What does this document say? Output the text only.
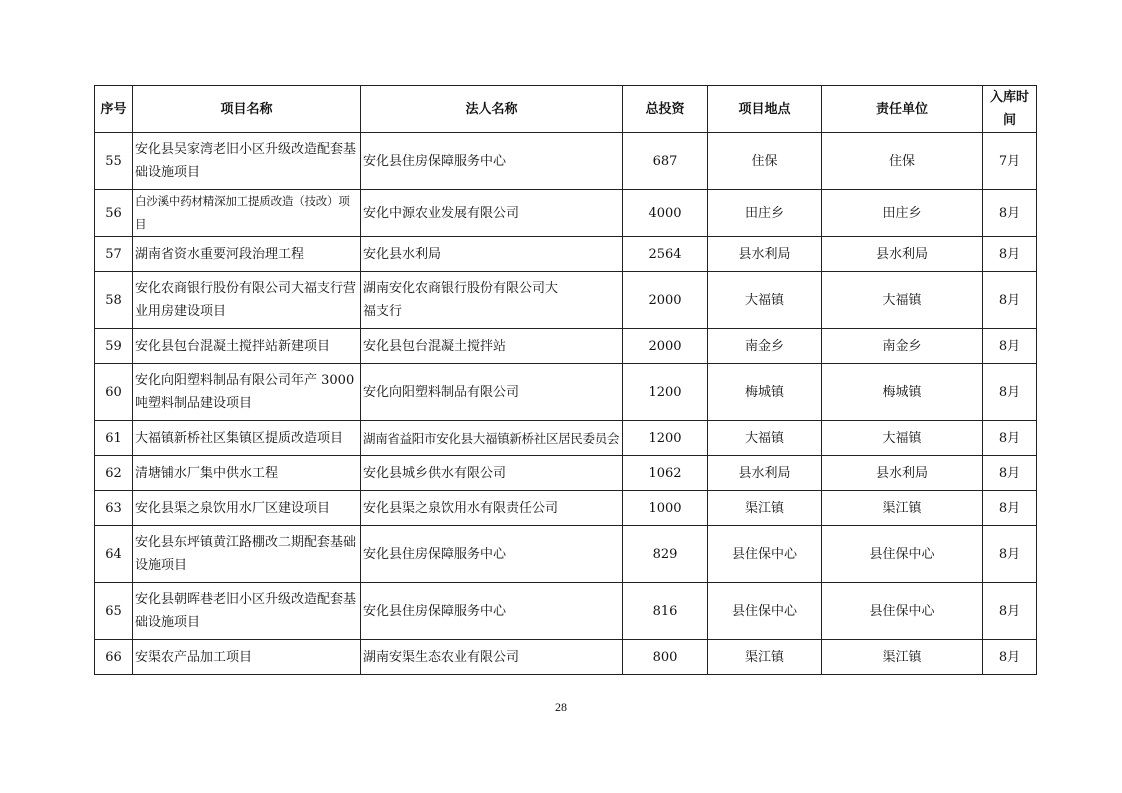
序号	项目名称	法人名称	总投资	项目地点	责任单位	入库时间
55	安化县吴家湾老旧小区升级改造配套基础设施项目	安化县住房保障服务中心	687	住保	住保	7月
56	白沙溪中药材精深加工提质改造（技改）项目	安化中源农业发展有限公司	4000	田庄乡	田庄乡	8月
57	湖南省资水重要河段治理工程	安化县水利局	2564	县水利局	县水利局	8月
58	安化农商银行股份有限公司大福支行营业用房建设项目	湖南安化农商银行股份有限公司大福支行	2000	大福镇	大福镇	8月
59	安化县包台混凝土搅拌站新建项目	安化县包台混凝土搅拌站	2000	南金乡	南金乡	8月
60	安化向阳塑料制品有限公司年产 3000 吨塑料制品建设项目	安化向阳塑料制品有限公司	1200	梅城镇	梅城镇	8月
61	大福镇新桥社区集镇区提质改造项目	湖南省益阳市安化县大福镇新桥社区居民委员会	1200	大福镇	大福镇	8月
62	清塘铺水厂集中供水工程	安化县城乡供水有限公司	1062	县水利局	县水利局	8月
63	安化县渠之泉饮用水厂区建设项目	安化县渠之泉饮用水有限责任公司	1000	渠江镇	渠江镇	8月
64	安化县东坪镇黄江路棚改二期配套基础设施项目	安化县住房保障服务中心	829	县住保中心	县住保中心	8月
65	安化县朝晖巷老旧小区升级改造配套基础设施项目	安化县住房保障服务中心	816	县住保中心	县住保中心	8月
66	安渠农产品加工项目	湖南安渠生态农业有限公司	800	渠江镇	渠江镇	8月
28
